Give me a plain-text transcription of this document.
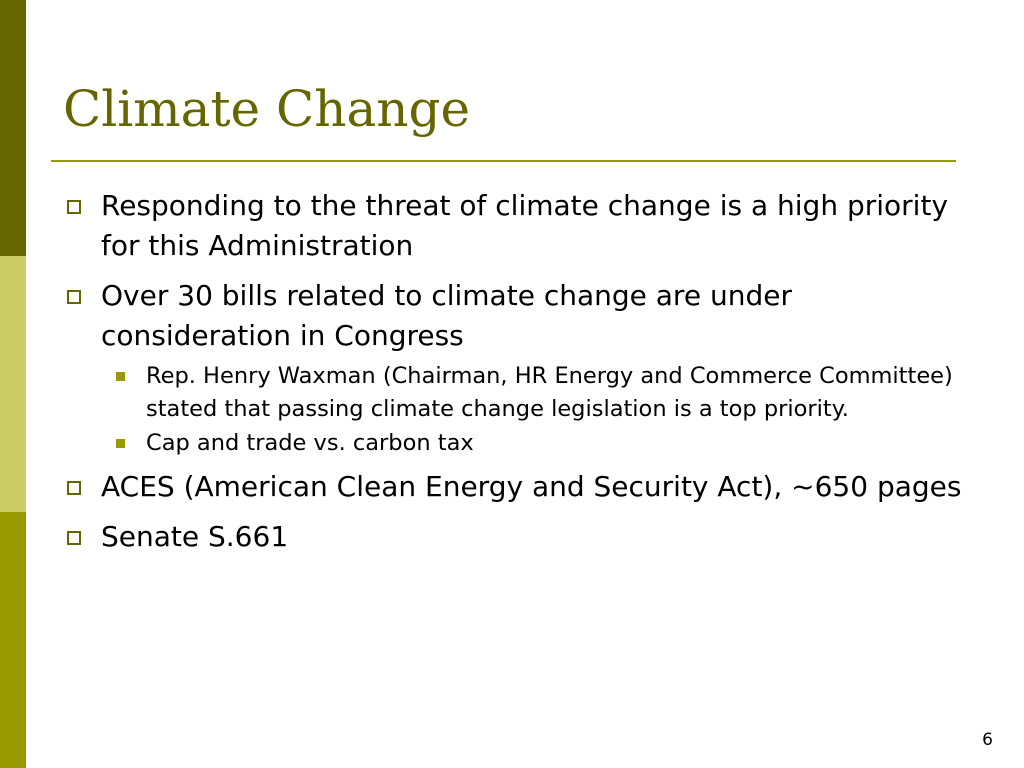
Climate Change
Responding to the threat of climate change is a high priority for this Administration
Over 30 bills related to climate change are under consideration in Congress
Rep. Henry Waxman (Chairman, HR Energy and Commerce Committee) stated that passing climate change legislation is a top priority.
Cap and trade vs. carbon tax
ACES (American Clean Energy and Security Act), ~650 pages
Senate S.661
6
